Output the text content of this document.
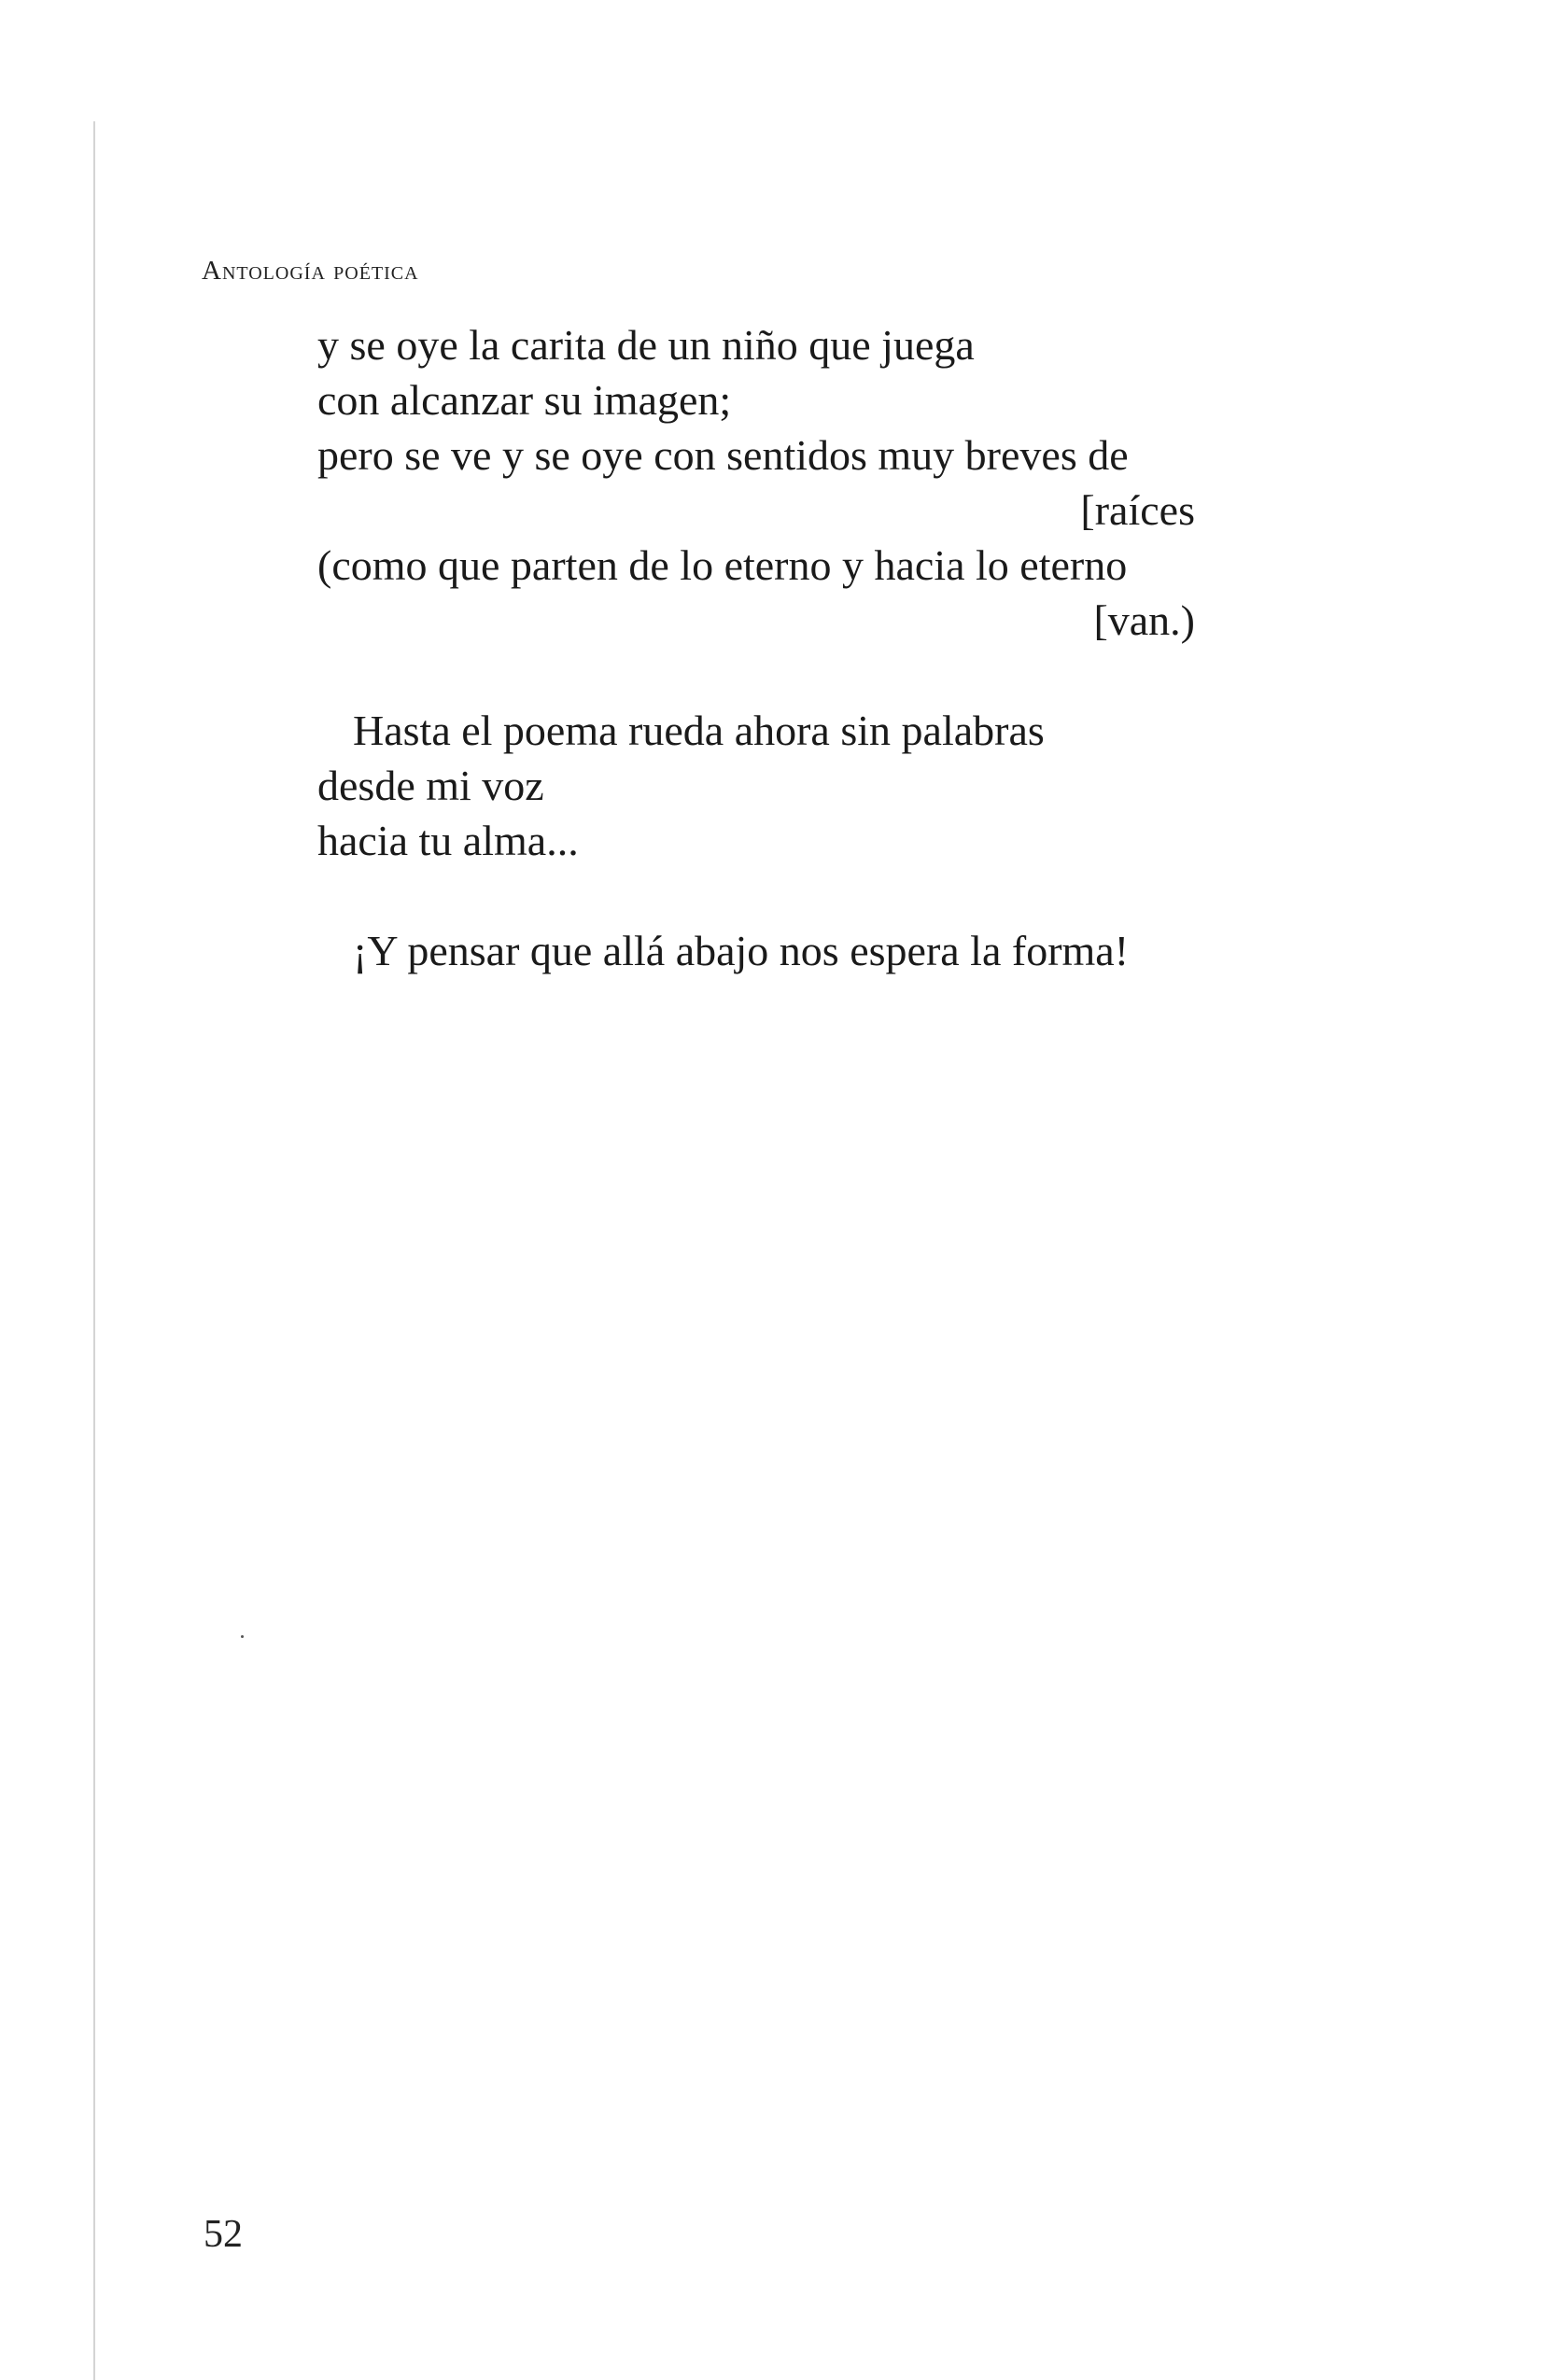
Antología poética
y se oye la carita de un niño que juega
con alcanzar su imagen;
pero se ve y se oye con sentidos muy breves de
[raíces
(como que parten de lo eterno y hacia lo eterno
[van.)
Hasta el poema rueda ahora sin palabras
desde mi voz
hacia tu alma...
¡Y pensar que allá abajo nos espera la forma!
52
